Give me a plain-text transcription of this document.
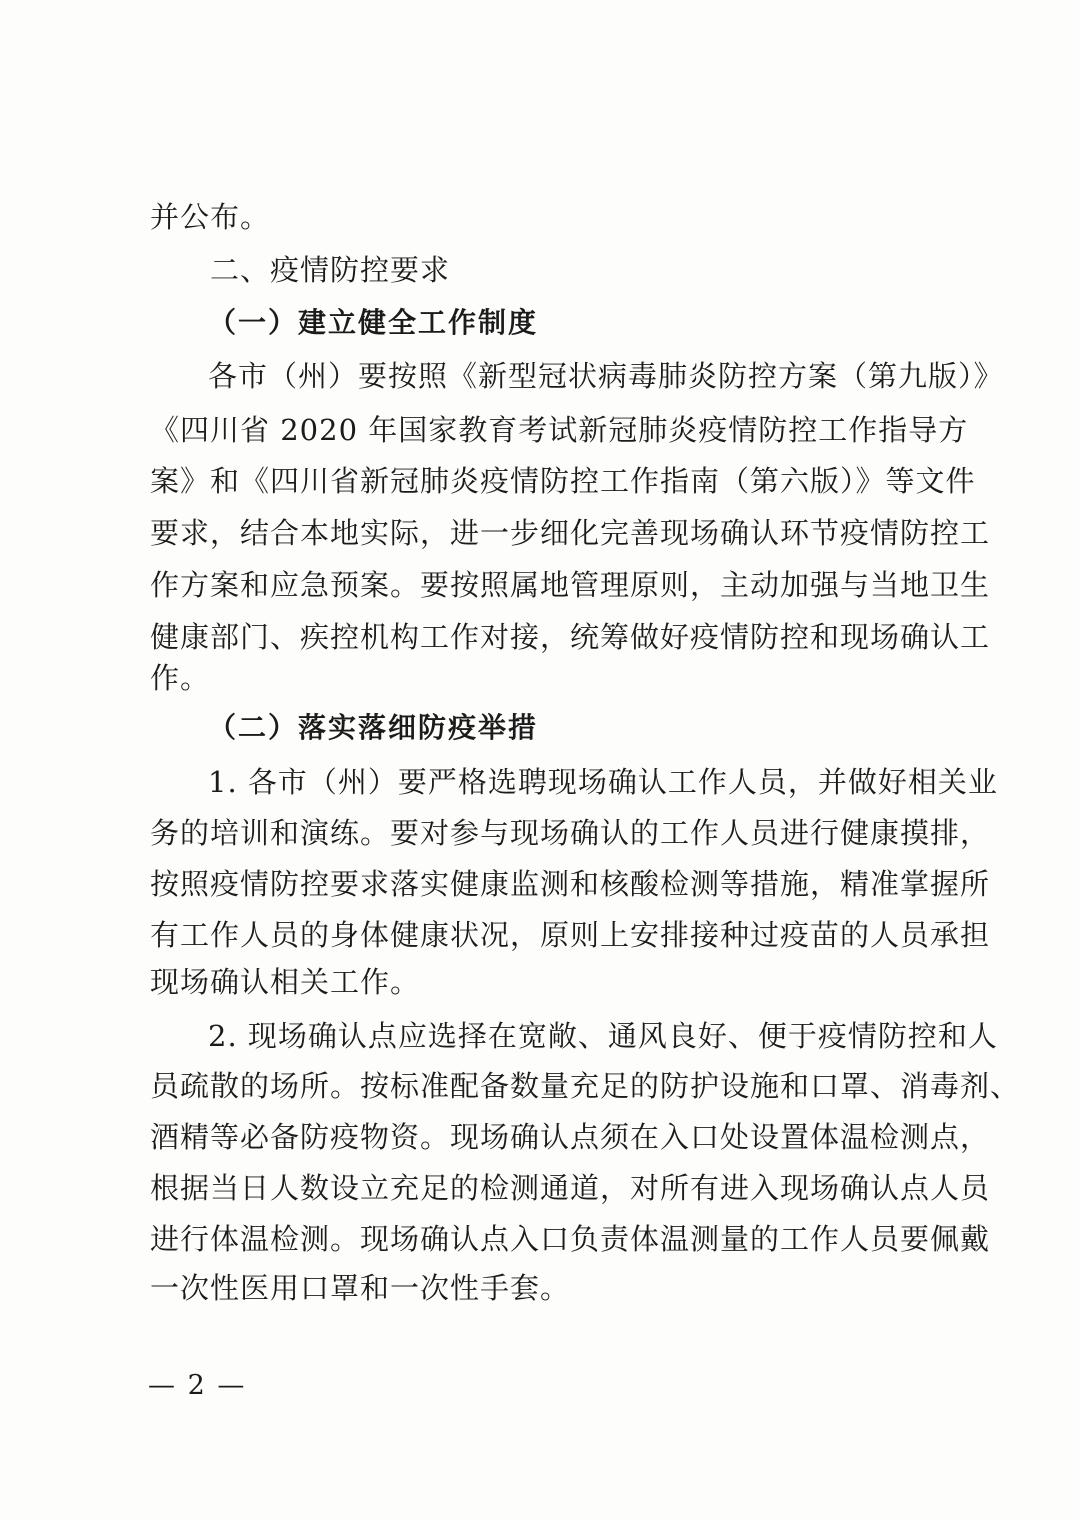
并公布。
二、疫情防控要求
（一）建立健全工作制度
各市（州）要按照《新型冠状病毒肺炎防控方案（第九版）》
《四川省 2020 年国家教育考试新冠肺炎疫情防控工作指导方
案》和《四川省新冠肺炎疫情防控工作指南（第六版）》等文件
要求，结合本地实际，进一步细化完善现场确认环节疫情防控工
作方案和应急预案。要按照属地管理原则，主动加强与当地卫生
健康部门、疾控机构工作对接，统筹做好疫情防控和现场确认工
作。
（二）落实落细防疫举措
1. 各市（州）要严格选聘现场确认工作人员，并做好相关业
务的培训和演练。要对参与现场确认的工作人员进行健康摸排，
按照疫情防控要求落实健康监测和核酸检测等措施，精准掌握所
有工作人员的身体健康状况，原则上安排接种过疫苗的人员承担
现场确认相关工作。
2. 现场确认点应选择在宽敞、通风良好、便于疫情防控和人
员疏散的场所。按标准配备数量充足的防护设施和口罩、消毒剂、
酒精等必备防疫物资。现场确认点须在入口处设置体温检测点，
根据当日人数设立充足的检测通道，对所有进入现场确认点人员
进行体温检测。现场确认点入口负责体温测量的工作人员要佩戴
一次性医用口罩和一次性手套。
— 2 —
